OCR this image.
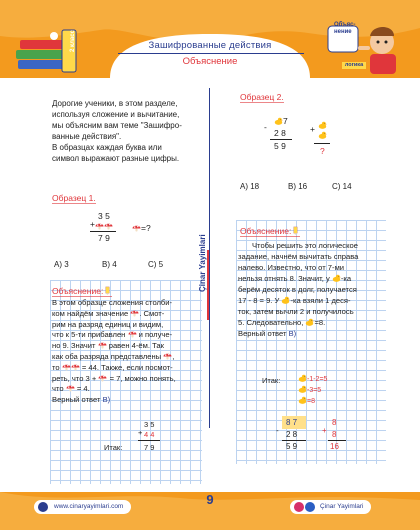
Зашифрованные действия
Объяснение
2 класс
Объяс-
нение
логика
Дорогие ученики, в этом разделе,
используя сложение и вычитание,
мы объясним вам теме "Зашифро-
ванные действия".
В образцах каждая буква или
символ выражают разные цифры.
Образец 1.
3 5
+
7 9
=?
A) 3	B) 4	C) 5
Объяснение:
В этом образце сложения столби-
ком найдём значение . Смот-
рим на разряд единиц и видим,
что к 5-ти прибавлен и получе-
но 9. Значит равен 4-ём. Так
как оба разряда представлены ,
то	= 44. Также, если посмот-
реть, что 3 + = 7, можно понять,
что = 4.
Верный ответ B)
Итак:
3 5
+ 4 4
7 9
Çinar Yayimlari
Образец 2.
7
-
2 8
5 9
+
?
A) 18	B) 16	C) 14
Объяснение:
Чтобы решить это логическое
задание, начнём вычитать справа
налево. Известно, что от 7-ми
нельзя отнять 8. Значит, у -ка
берём десяток в долг, получается
17 - 8 = 9. У -ка взяли 1 деся-
ток, затем вычли 2 и получилось
5. Следовательно, =8.
Верный ответ B)
Итак:	-1-2=5
-3=5
=8
8 7
- 2 8
5 9
8
+ 8
16
www.cinaryayimlari.com	9	Çinar Yayimlari
